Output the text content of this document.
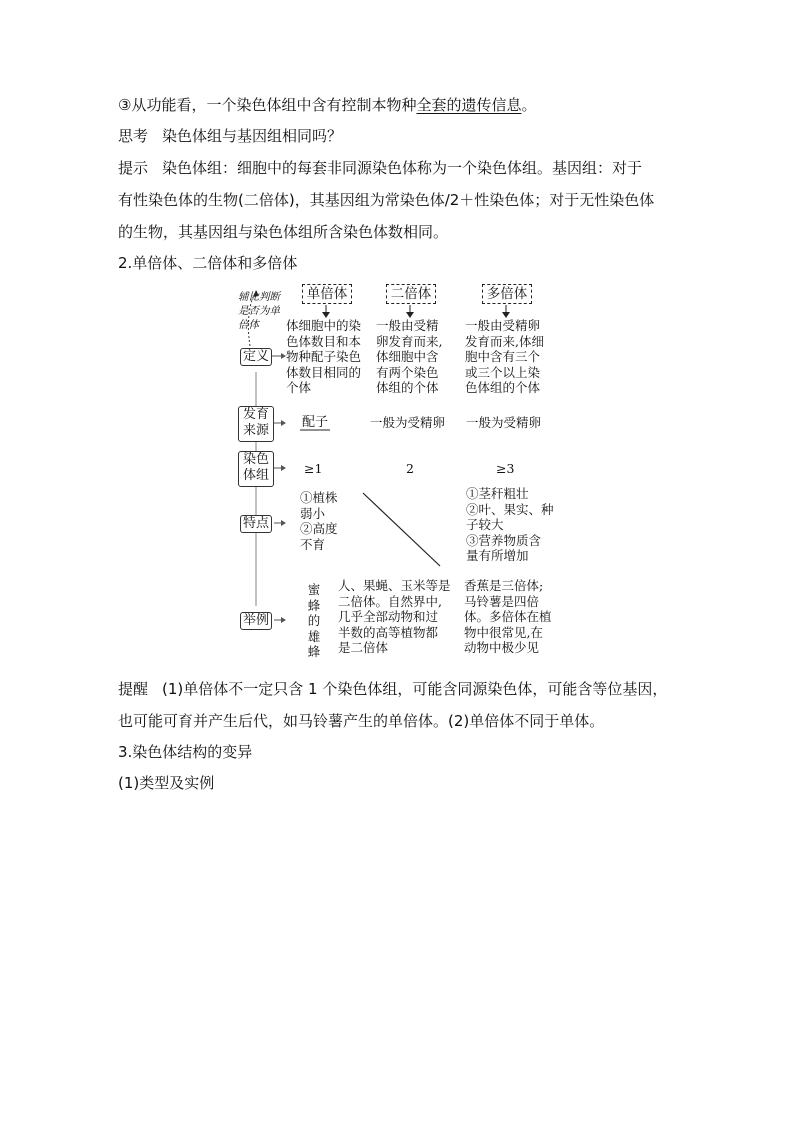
③从功能看，一个染色体组中含有控制本物种全套的遗传信息。
思考 染色体组与基因组相同吗？
提示 染色体组：细胞中的每套非同源染色体称为一个染色体组。基因组：对于
有性染色体的生物(二倍体)，其基因组为常染色体/2＋性染色体；对于无性染色体
的生物，其基因组与染色体组所含染色体数相同。
2.单倍体、二倍体和多倍体
辅比判断
是否为单
倍体
单倍体	二倍体	多倍体
定义
发育
来源
染色
体组
特点
举例
体细胞中的染
色体数目和本
物种配子染色
体数目相同的
个体
配子
≥1
①植株
弱小
②高度
不育
蜜
蜂
的
雄
蜂
一般由受精
卵发育而来,
体细胞中含
有两个染色
体组的个体
一般为受精卵
2
人、果蝇、玉米等是
二倍体。自然界中,
几乎全部动物和过
半数的高等植物都
是二倍体
一般由受精卵
发育而来,体细
胞中含有三个
或三个以上染
色体组的个体
一般为受精卵
≥3
①茎秆粗壮
②叶、果实、种
子较大
③营养物质含
量有所增加
香蕉是三倍体;
马铃薯是四倍
体。多倍体在植
物中很常见,在
动物中极少见
提醒 (1)单倍体不一定只含 1 个染色体组，可能含同源染色体，可能含等位基因，
也可能可育并产生后代，如马铃薯产生的单倍体。(2)单倍体不同于单体。
3.染色体结构的变异
(1)类型及实例
